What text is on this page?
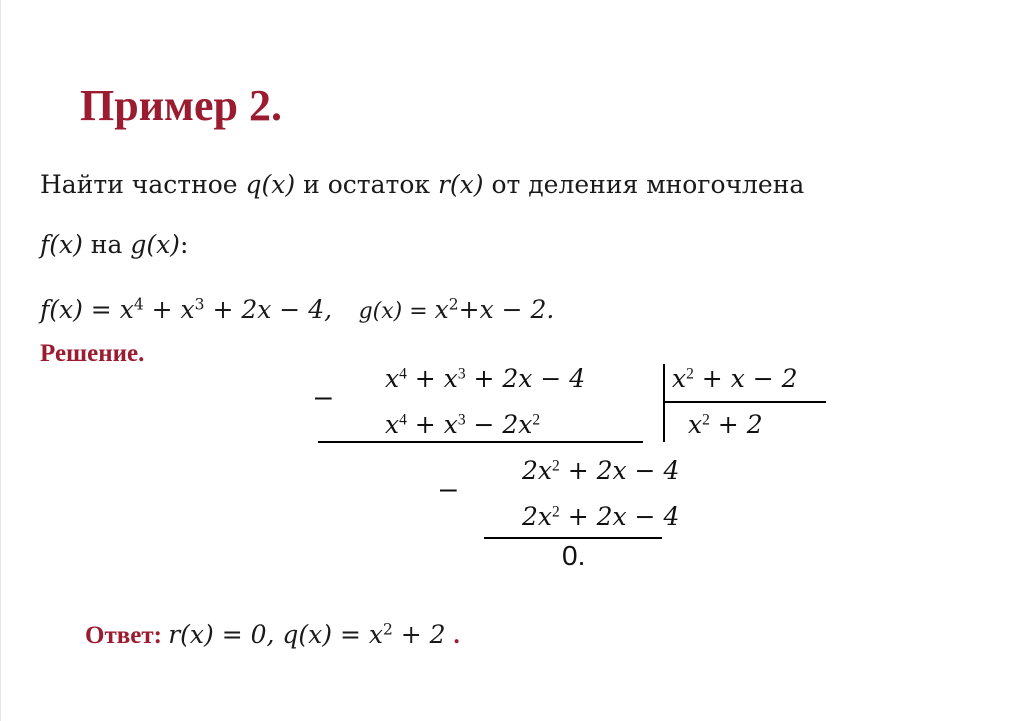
Пример 2.
Найти частное q(x) и остаток r(x) от деления многочлена
f(x) на g(x):
$f(x) = x^4 + x^3 + 2x - 4$, $g(x) = x^2+x - 2$.
Решение.
–
$x^4 + x^3 + 2x - 4$
$x^4 + x^3 - 2x^2$
$x^2 + x - 2$
$x^2 + 2$
–
$2x^2 + 2x - 4$
$2x^2 + 2x - 4$
0.
Ответ: r(x) = 0, $q(x) = x^2 + 2$ .
